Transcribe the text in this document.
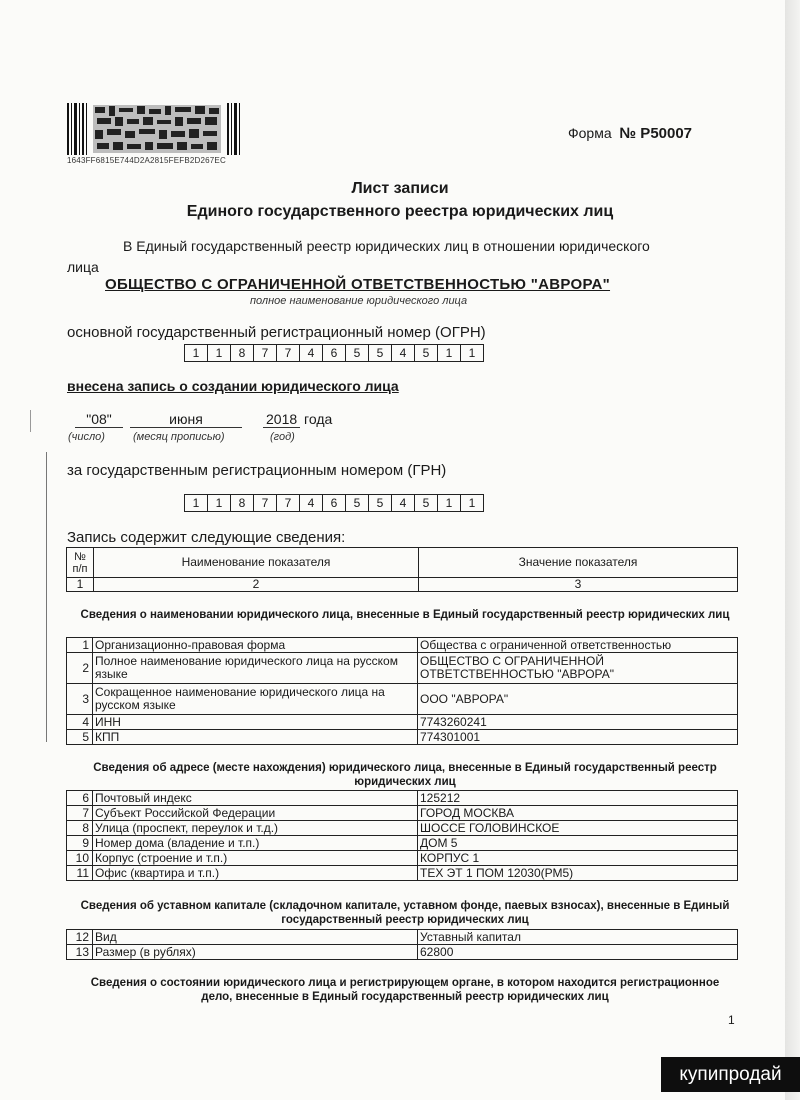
1643FF6815E744D2A2815FEFB2D267EC
Форма № Р50007
Лист записи
Единого государственного реестра юридических лиц
В Единый государственный реестр юридических лиц в отношении юридического
лица
ОБЩЕСТВО С ОГРАНИЧЕННОЙ ОТВЕТСТВЕННОСТЬЮ "АВРОРА"
полное наименование юридического лица
основной государственный регистрационный номер (ОГРН)
1	1	8	7	7	4	6	5	5	4	5	1	1
внесена запись о создании юридического лица
"08"	июня	2018 года
(число)	(месяц прописью)	(год)
за государственным регистрационным номером (ГРН)
1	1	8	7	7	4	6	5	5	4	5	1	1
Запись содержит следующие сведения:
№ п/п	Наименование показателя	Значение показателя
1	2	3
Сведения о наименовании юридического лица, внесенные в Единый государственный реестр юридических лиц
1	Организационно-правовая форма	Общества с ограниченной ответственностью
2	Полное наименование юридического лица на русском языке	ОБЩЕСТВО С ОГРАНИЧЕННОЙ ОТВЕТСТВЕННОСТЬЮ "АВРОРА"
3	Сокращенное наименование юридического лица на русском языке	ООО "АВРОРА"
4	ИНН	7743260241
5	КПП	774301001
Сведения об адресе (месте нахождения) юридического лица, внесенные в Единый государственный реестр юридических лиц
6	Почтовый индекс	125212
7	Субъект Российской Федерации	ГОРОД МОСКВА
8	Улица (проспект, переулок и т.д.)	ШОССЕ ГОЛОВИНСКОЕ
9	Номер дома (владение и т.п.)	ДОМ 5
10	Корпус (строение и т.п.)	КОРПУС 1
11	Офис (квартира и т.п.)	ТЕХ ЭТ 1 ПОМ 12030(РМ5)
Сведения об уставном капитале (складочном капитале, уставном фонде, паевых взносах), внесенные в Единый государственный реестр юридических лиц
12	Вид	Уставный капитал
13	Размер (в рублях)	62800
Сведения о состоянии юридического лица и регистрирующем органе, в котором находится регистрационное дело, внесенные в Единый государственный реестр юридических лиц
1
купипродай
